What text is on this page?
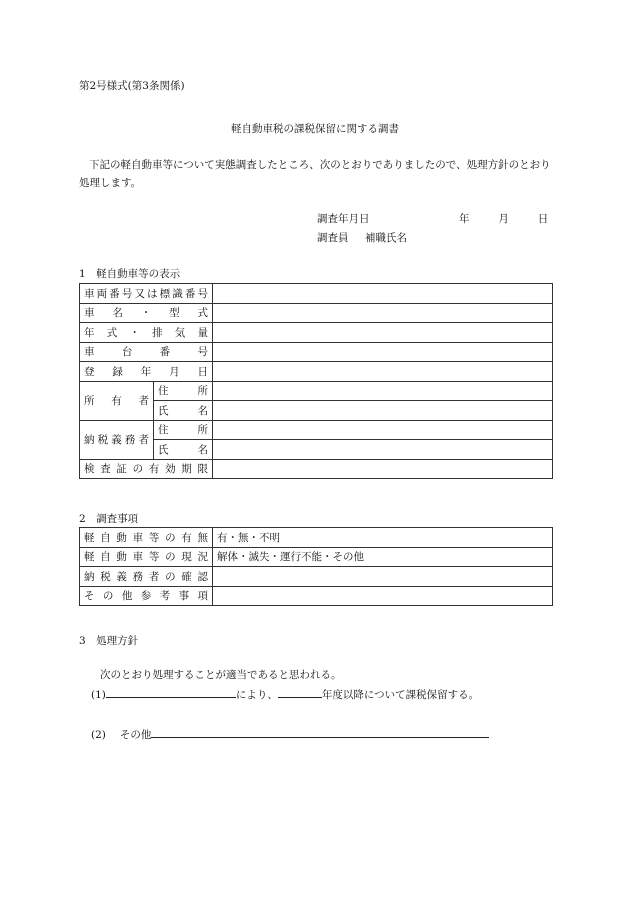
第2号様式(第3条関係)
軽自動車税の課税保留に関する調書
下記の軽自動車等について実態調査したところ、次のとおりでありましたので、処理方針のとおり処理します。
調査年月日	年	月	日
調査員	補職氏名
1　軽自動車等の表示
車両番号又は標識番号		
車名・型式		
年式・排気量		
車台番号		
登録年月日		
所有者	住所	
	氏名	
納税義務者	住所	
	氏名	
検査証の有効期限		
2　調査事項
軽自動車等の有無	有・無・不明
軽自動車等の現況	解体・滅失・運行不能・その他
納税義務者の確認	
その他参考事項	
3　処理方針
次のとおり処理することが適当であると思われる。
(1)	により、	年度以降について課税保留する。
(2) その他
